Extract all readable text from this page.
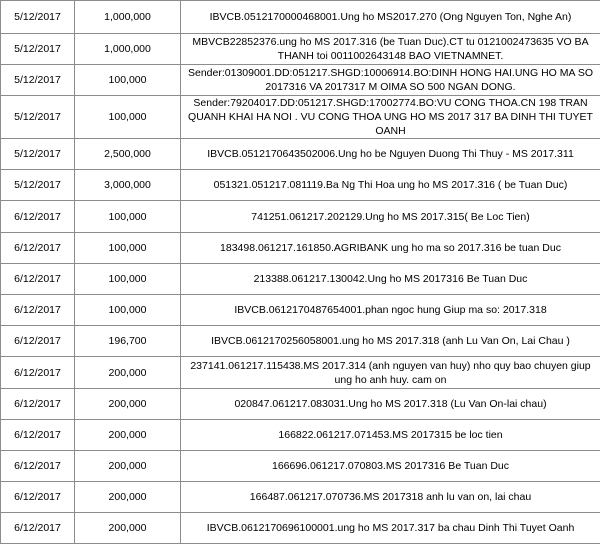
5/12/2017	1,000,000	IBVCB.0512170000468001.Ung ho MS2017.270 (Ong Nguyen Ton, Nghe An)
5/12/2017	1,000,000	MBVCB22852376.ung ho MS 2017.316 (be Tuan Duc).CT tu 0121002473635 VO BA THANH toi 0011002643148 BAO VIETNAMNET.
5/12/2017	100,000	Sender:01309001.DD:051217.SHGD:10006914.BO:DINH HONG HAI.UNG HO MA SO 2017316 VA 2017317 M OIMA SO 500 NGAN DONG.
5/12/2017	100,000	Sender:79204017.DD:051217.SHGD:17002774.BO:VU CONG THOA.CN 198 TRAN QUANH KHAI HA NOI . VU CONG THOA UNG HO MS 2017 317 BA DINH THI TUYET OANH
5/12/2017	2,500,000	IBVCB.0512170643502006.Ung ho be Nguyen Duong Thi Thuy - MS 2017.311
5/12/2017	3,000,000	051321.051217.081119.Ba Ng Thi Hoa ung ho MS 2017.316 ( be Tuan Duc)
6/12/2017	100,000	741251.061217.202129.Ung ho MS 2017.315( Be Loc Tien)
6/12/2017	100,000	183498.061217.161850.AGRIBANK ung ho ma so 2017.316 be tuan Duc
6/12/2017	100,000	213388.061217.130042.Ung ho MS 2017316 Be Tuan Duc
6/12/2017	100,000	IBVCB.0612170487654001.phan ngoc hung Giup ma so: 2017.318
6/12/2017	196,700	IBVCB.0612170256058001.ung ho MS 2017.318 (anh Lu Van On, Lai Chau )
6/12/2017	200,000	237141.061217.115438.MS 2017.314 (anh nguyen van huy) nho quy bao chuyen giup ung ho anh huy. cam on
6/12/2017	200,000	020847.061217.083031.Ung ho MS 2017.318 (Lu Van On-lai chau)
6/12/2017	200,000	166822.061217.071453.MS 2017315 be loc tien
6/12/2017	200,000	166696.061217.070803.MS 2017316 Be Tuan Duc
6/12/2017	200,000	166487.061217.070736.MS 2017318 anh lu van on, lai chau
6/12/2017	200,000	IBVCB.0612170696100001.ung ho MS 2017.317 ba chau Dinh Thi Tuyet Oanh
